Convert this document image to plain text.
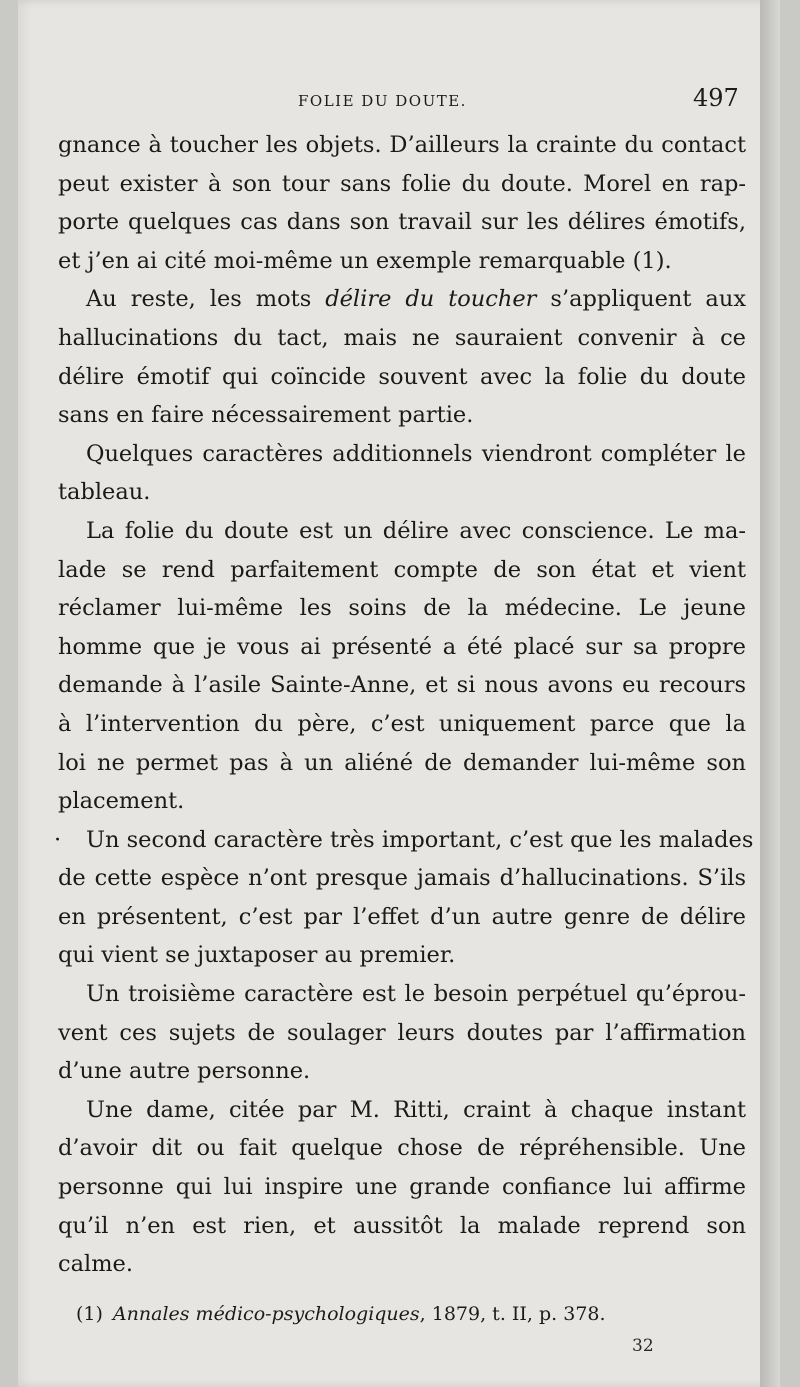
FOLIE DU DOUTE.	497

gnance à toucher les objets. D’ailleurs la crainte du contact
peut exister à son tour sans folie du doute. Morel en rap-
porte quelques cas dans son travail sur les délires émotifs,
et j’en ai cité moi-même un exemple remarquable (1).

Au reste, les mots délire du toucher s’appliquent aux
hallucinations du tact, mais ne sauraient convenir à ce
délire émotif qui coïncide souvent avec la folie du doute
sans en faire nécessairement partie.

Quelques caractères additionnels viendront compléter le
tableau.

La folie du doute est un délire avec conscience. Le ma-
lade se rend parfaitement compte de son état et vient
réclamer lui-même les soins de la médecine. Le jeune
homme que je vous ai présenté a été placé sur sa propre
demande à l’asile Sainte-Anne, et si nous avons eu recours
à l’intervention du père, c’est uniquement parce que la
loi ne permet pas à un aliéné de demander lui-même son
placement.

·	Un second caractère très important, c’est que les malades
de cette espèce n’ont presque jamais d’hallucinations. S’ils
en présentent, c’est par l’effet d’un autre genre de délire
qui vient se juxtaposer au premier.

Un troisième caractère est le besoin perpétuel qu’éprou-
vent ces sujets de soulager leurs doutes par l’affirmation
d’une autre personne.

Une dame, citée par M. Ritti, craint à chaque instant
d’avoir dit ou fait quelque chose de répréhensible. Une
personne qui lui inspire une grande confiance lui affirme
qu’il n’en est rien, et aussitôt la malade reprend son
calme.

(1) Annales médico-psychologiques, 1879, t. II, p. 378.
32
